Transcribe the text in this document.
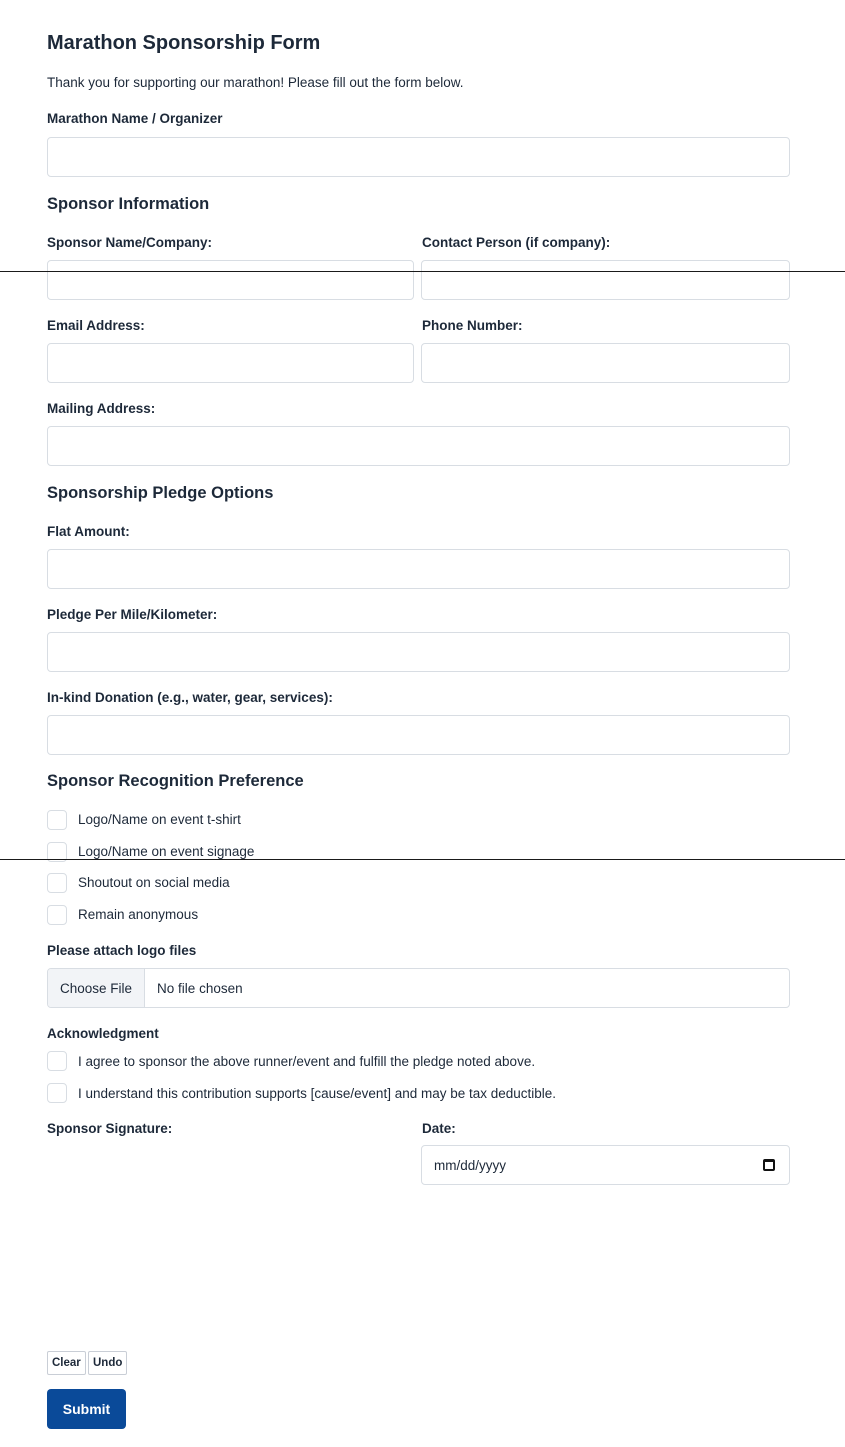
Marathon Sponsorship Form
Thank you for supporting our marathon! Please fill out the form below.
Marathon Name / Organizer
Sponsor Information
Sponsor Name/Company:	Contact Person (if company):
Email Address:	Phone Number:
Mailing Address:
Sponsorship Pledge Options
Flat Amount:
Pledge Per Mile/Kilometer:
In-kind Donation (e.g., water, gear, services):
Sponsor Recognition Preference
Logo/Name on event t-shirt
Logo/Name on event signage
Shoutout on social media
Remain anonymous
Please attach logo files
Choose File	No file chosen
Acknowledgment
I agree to sponsor the above runner/event and fulfill the pledge noted above.
I understand this contribution supports [cause/event] and may be tax deductible.
Sponsor Signature:	Date:
mm/dd/yyyy
Clear	Undo
Submit
